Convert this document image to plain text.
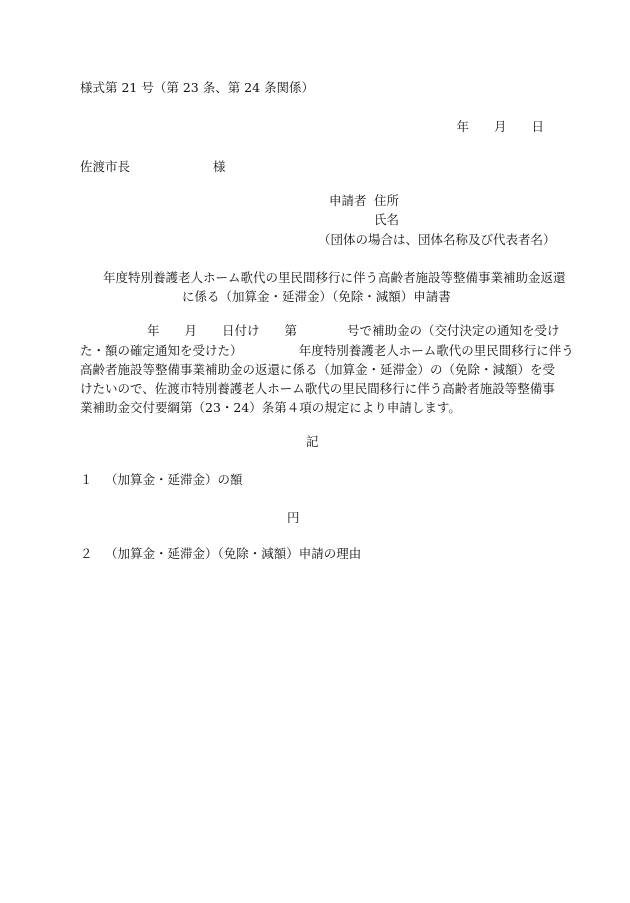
様式第 21 号（第 23 条、第 24 条関係）
年　　月　　日
佐渡市長	様
申請者 住所
氏名
（団体の場合は、団体名称及び代表者名）
年度特別養護老人ホーム歌代の里民間移行に伴う高齢者施設等整備事業補助金返還
に係る（加算金・延滞金）（免除・減額）申請書
年　　月　　日付け　　第　　　　号で補助金の（交付決定の通知を受け
た・額の確定通知を受けた）　　　　　年度特別養護老人ホーム歌代の里民間移行に伴う
高齢者施設等整備事業補助金の返還に係る（加算金・延滞金）の（免除・減額）を受
けたいので、佐渡市特別養護老人ホーム歌代の里民間移行に伴う高齢者施設等整備事
業補助金交付要綱第（23・24）条第４項の規定により申請します。
記
１ （加算金・延滞金）の額
円
２ （加算金・延滞金）（免除・減額）申請の理由
